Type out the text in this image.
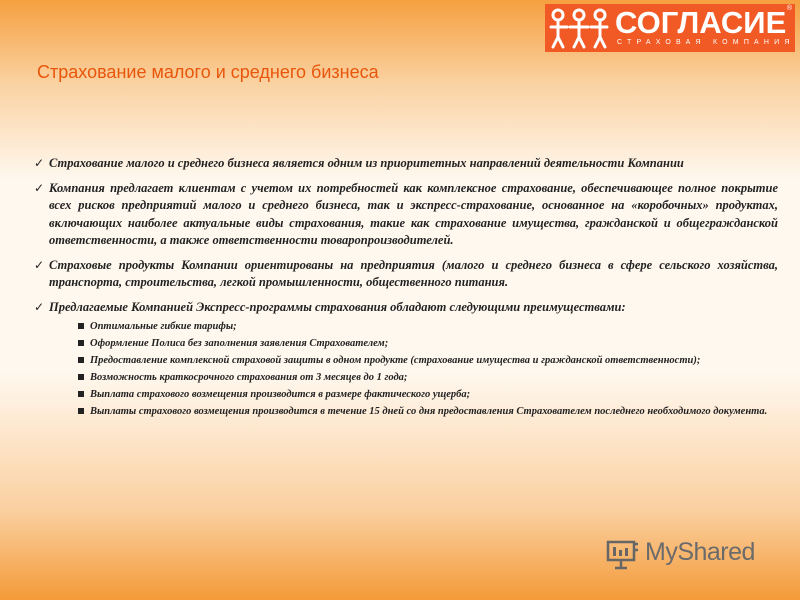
СОГЛАСИЕ ®
СТРАХОВАЯ КОМПАНИЯ
Страхование малого и среднего бизнеса

✓ Страхование малого и среднего бизнеса является одним из приоритетных направлений деятельности Компании

✓ Компания предлагает клиентам с учетом их потребностей как комплексное страхование, обеспечивающее полное покрытие всех рисков предприятий малого и среднего бизнеса, так и экспресс-страхование, основанное на «коробочных» продуктах, включающих наиболее актуальные виды страхования, такие как страхование имущества, гражданской и общегражданской ответственности, а также ответственности товаропроизводителей.

✓ Страховые продукты Компании ориентированы на предприятия (малого и среднего бизнеса в сфере сельского хозяйства, транспорта, строительства, легкой промышленности, общественного питания.

✓ Предлагаемые Компанией Экспресс-программы страхования обладают следующими преимуществами:

Оптимальные гибкие тарифы;
Оформление Полиса без заполнения заявления Страхователем;
Предоставление комплексной страховой защиты в одном продукте (страхование имущества и гражданской ответственности);
Возможность краткосрочного страхования от 3 месяцев до 1 года;
Выплата страхового возмещения производится в размере фактического ущерба;
Выплаты страхового возмещения производится в течение 15 дней со дня предоставления Страхователем последнего необходимого документа.
MyShared
